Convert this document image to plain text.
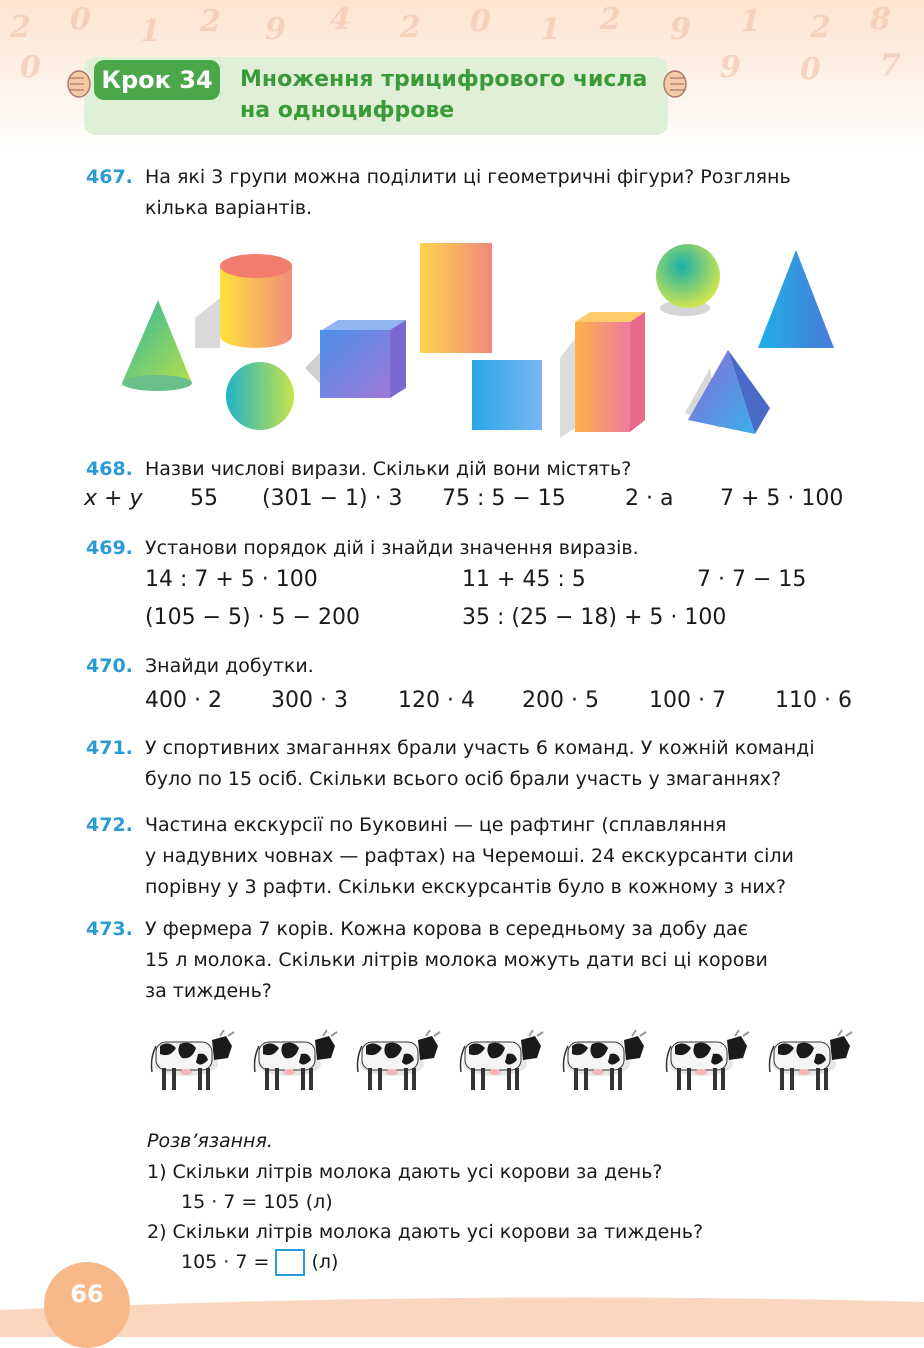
2 0 1 2 9 4 2 0 1 2 9 1 2 8
0	9 0 7
Крок 34	Множення трицифрового числа
на одноцифрове
467. На які 3 групи можна поділити ці геометричні фігури? Розглянь
кілька варіантів.
468. Назви числові вирази. Скільки дій вони містять?
x + y 55 (301 − 1) · 3 75 : 5 − 15	2 · a 7 + 5 · 100
469. Установи порядок дій і знайди значення виразів.
14 : 7 + 5 · 100	11 + 45 : 5	7 · 7 − 15
(105 − 5) · 5 − 200	35 : (25 − 18) + 5 · 100
470. Знайди добутки.
400 · 2 300 · 3 120 · 4 200 · 5 100 · 7 110 · 6
471. У спортивних змаганнях брали участь 6 команд. У кожній команді
було по 15 осіб. Скільки всього осіб брали участь у змаганнях?
472. Частина екскурсії по Буковині — це рафтинг (сплавляння
у надувних човнах — рафтах) на Черемоші. 24 екскурсанти сіли
порівну у 3 рафти. Скільки екскурсантів було в кожному з них?
473. У фермера 7 корів. Кожна корова в середньому за добу дає
15 л молока. Скільки літрів молока можуть дати всі ці корови
за тиждень?
Розв’язання.
1) Скільки літрів молока дають усі корови за день?
15 · 7 = 105 (л)
2) Скільки літрів молока дають усі корови за тиждень?
105 · 7 = (л)
66
